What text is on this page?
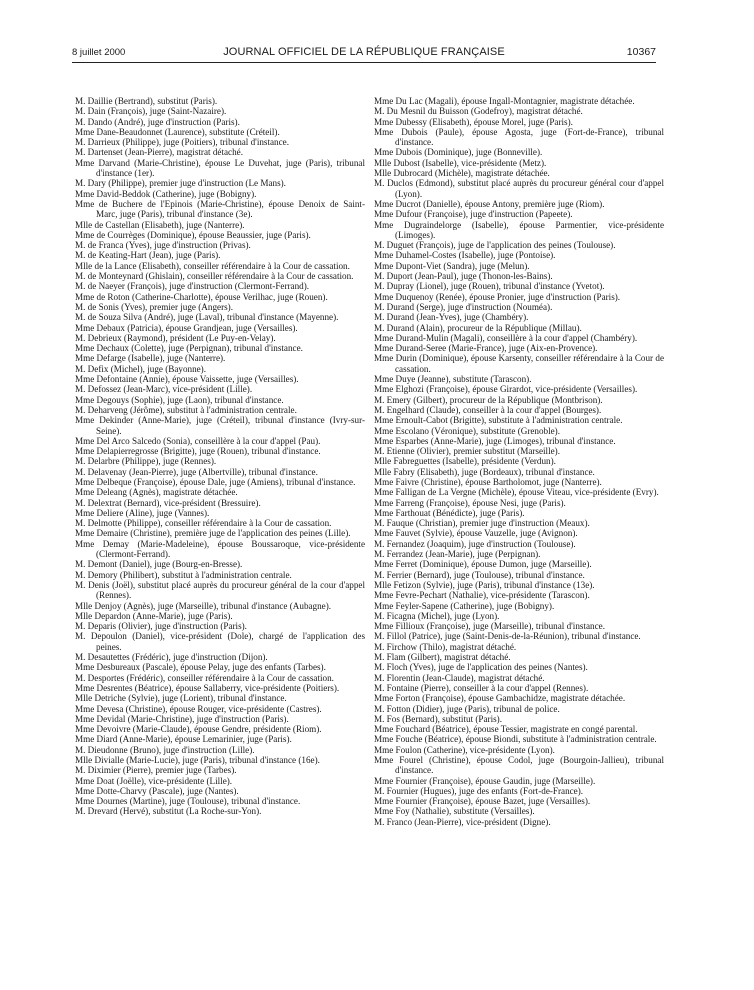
8 juillet 2000	JOURNAL OFFICIEL DE LA RÉPUBLIQUE FRANÇAISE	10367

M. Daillie (Bertrand), substitut (Paris).

M. Dain (François), juge (Saint-Nazaire).

M. Dando (André), juge d'instruction (Paris).

Mme Dane-Beaudonnet (Laurence), substitute (Créteil).

M. Darrieux (Philippe), juge (Poitiers), tribunal d'instance.

M. Dartenset (Jean-Pierre), magistrat détaché.

Mme Darvand (Marie-Christine), épouse Le Duvehat, juge (Paris), tribunal d'instance (1er).

M. Dary (Philippe), premier juge d'instruction (Le Mans).

Mme David-Beddok (Catherine), juge (Bobigny).

Mme de Buchere de l'Epinois (Marie-Christine), épouse Denoix de Saint-Marc, juge (Paris), tribunal d'instance (3e).

Mlle de Castellan (Elisabeth), juge (Nanterre).

Mme de Courrèges (Dominique), épouse Beaussier, juge (Paris).

M. de Franca (Yves), juge d'instruction (Privas).

M. de Keating-Hart (Jean), juge (Paris).

Mlle de la Lance (Elisabeth), conseiller référendaire à la Cour de cassation.

M. de Monteynard (Ghislain), conseiller référendaire à la Cour de cassation.

M. de Naeyer (François), juge d'instruction (Clermont-Ferrand).

Mme de Roton (Catherine-Charlotte), épouse Verilhac, juge (Rouen).

M. de Sonis (Yves), premier juge (Angers).

M. de Souza Silva (André), juge (Laval), tribunal d'instance (Mayenne).

Mme Debaux (Patricia), épouse Grandjean, juge (Versailles).

M. Debrieux (Raymond), président (Le Puy-en-Velay).

Mme Dechaux (Colette), juge (Perpignan), tribunal d'instance.

Mme Defarge (Isabelle), juge (Nanterre).

M. Defix (Michel), juge (Bayonne).

Mme Defontaine (Annie), épouse Vaissette, juge (Versailles).

M. Defossez (Jean-Marc), vice-président (Lille).

Mme Degouys (Sophie), juge (Laon), tribunal d'instance.

M. Deharveng (Jérôme), substitut à l'administration centrale.

Mme Dekinder (Anne-Marie), juge (Créteil), tribunal d'instance (Ivry-sur-Seine).

Mme Del Arco Salcedo (Sonia), conseillère à la cour d'appel (Pau).

Mme Delapierregrosse (Brigitte), juge (Rouen), tribunal d'instance.

M. Delarbre (Philippe), juge (Rennes).

M. Delavenay (Jean-Pierre), juge (Albertville), tribunal d'instance.

Mme Delbeque (Françoise), épouse Dale, juge (Amiens), tribunal d'instance.

Mme Deleang (Agnès), magistrate détachée.

M. Delextrat (Bernard), vice-président (Bressuire).

Mme Deliere (Aline), juge (Vannes).

M. Delmotte (Philippe), conseiller référendaire à la Cour de cassation.

Mme Demaire (Christine), première juge de l'application des peines (Lille).

Mme Demay (Marie-Madeleine), épouse Boussaroque, vice-présidente (Clermont-Ferrand).

M. Demont (Daniel), juge (Bourg-en-Bresse).

M. Demory (Philibert), substitut à l'administration centrale.

M. Denis (Joël), substitut placé auprès du procureur général de la cour d'appel (Rennes).

Mlle Denjoy (Agnès), juge (Marseille), tribunal d'instance (Aubagne).

Mlle Depardon (Anne-Marie), juge (Paris).

M. Deparis (Olivier), juge d'instruction (Paris).

M. Depoulon (Daniel), vice-président (Dole), chargé de l'application des peines.

M. Desautettes (Frédéric), juge d'instruction (Dijon).

Mme Desbureaux (Pascale), épouse Pelay, juge des enfants (Tarbes).

M. Desportes (Frédéric), conseiller référendaire à la Cour de cassation.

Mme Desrentes (Béatrice), épouse Sallaberry, vice-présidente (Poitiers).

Mlle Detriche (Sylvie), juge (Lorient), tribunal d'instance.

Mme Devesa (Christine), épouse Rouger, vice-présidente (Castres).

Mme Devidal (Marie-Christine), juge d'instruction (Paris).

Mme Devoivre (Marie-Claude), épouse Gendre, présidente (Riom).

Mme Diard (Anne-Marie), épouse Lemarinier, juge (Paris).

M. Dieudonne (Bruno), juge d'instruction (Lille).

Mlle Divialle (Marie-Lucie), juge (Paris), tribunal d'instance (16e).

M. Diximier (Pierre), premier juge (Tarbes).

Mme Doat (Joëlle), vice-présidente (Lille).

Mme Dotte-Charvy (Pascale), juge (Nantes).

Mme Dournes (Martine), juge (Toulouse), tribunal d'instance.

M. Drevard (Hervé), substitut (La Roche-sur-Yon).

Mme Du Lac (Magali), épouse Ingall-Montagnier, magistrate détachée.

M. Du Mesnil du Buisson (Godefroy), magistrat détaché.

Mme Dubessy (Elisabeth), épouse Morel, juge (Paris).

Mme Dubois (Paule), épouse Agosta, juge (Fort-de-France), tribunal d'instance.

Mme Dubois (Dominique), juge (Bonneville).

Mlle Dubost (Isabelle), vice-présidente (Metz).

Mlle Dubrocard (Michèle), magistrate détachée.

M. Duclos (Edmond), substitut placé auprès du procureur général cour d'appel (Lyon).

Mme Ducrot (Danielle), épouse Antony, première juge (Riom).

Mme Dufour (Françoise), juge d'instruction (Papeete).

Mme Dugraindelorge (Isabelle), épouse Parmentier, vice-présidente (Limoges).

M. Duguet (François), juge de l'application des peines (Toulouse).

Mme Duhamel-Costes (Isabelle), juge (Pontoise).

Mme Dupont-Viet (Sandra), juge (Melun).

M. Duport (Jean-Paul), juge (Thonon-les-Bains).

M. Dupray (Lionel), juge (Rouen), tribunal d'instance (Yvetot).

Mme Duquenoy (Renée), épouse Pronier, juge d'instruction (Paris).

M. Durand (Serge), juge d'instruction (Nouméa).

M. Durand (Jean-Yves), juge (Chambéry).

M. Durand (Alain), procureur de la République (Millau).

Mme Durand-Mulin (Magali), conseillère à la cour d'appel (Chambéry).

Mme Durand-Seree (Marie-France), juge (Aix-en-Provence).

Mme Durin (Dominique), épouse Karsenty, conseiller référendaire à la Cour de cassation.

Mme Duye (Jeanne), substitute (Tarascon).

Mme Elghozi (Françoise), épouse Girardot, vice-présidente (Versailles).

M. Emery (Gilbert), procureur de la République (Montbrison).

M. Engelhard (Claude), conseiller à la cour d'appel (Bourges).

Mme Ernoult-Cabot (Brigitte), substitute à l'administration centrale.

Mme Escolano (Véronique), substitute (Grenoble).

Mme Esparbes (Anne-Marie), juge (Limoges), tribunal d'instance.

M. Etienne (Olivier), premier substitut (Marseille).

Mlle Fabreguettes (Isabelle), présidente (Verdun).

Mlle Fabry (Elisabeth), juge (Bordeaux), tribunal d'instance.

Mme Faivre (Christine), épouse Bartholomot, juge (Nanterre).

Mme Falligan de La Vergne (Michèle), épouse Viteau, vice-présidente (Evry).

Mme Farreng (Françoise), épouse Nesi, juge (Paris).

Mme Farthouat (Bénédicte), juge (Paris).

M. Fauque (Christian), premier juge d'instruction (Meaux).

Mme Fauvet (Sylvie), épouse Vauzelle, juge (Avignon).

M. Fernandez (Joaquim), juge d'instruction (Toulouse).

M. Ferrandez (Jean-Marie), juge (Perpignan).

Mme Ferret (Dominique), épouse Dumon, juge (Marseille).

M. Ferrier (Bernard), juge (Toulouse), tribunal d'instance.

Mlle Fetizon (Sylvie), juge (Paris), tribunal d'instance (13e).

Mme Fevre-Pechart (Nathalie), vice-présidente (Tarascon).

Mme Feyler-Sapene (Catherine), juge (Bobigny).

M. Ficagna (Michel), juge (Lyon).

Mme Fillioux (Françoise), juge (Marseille), tribunal d'instance.

M. Fillol (Patrice), juge (Saint-Denis-de-la-Réunion), tribunal d'instance.

M. Firchow (Thilo), magistrat détaché.

M. Flam (Gilbert), magistrat détaché.

M. Floch (Yves), juge de l'application des peines (Nantes).

M. Florentin (Jean-Claude), magistrat détaché.

M. Fontaine (Pierre), conseiller à la cour d'appel (Rennes).

Mme Forton (Françoise), épouse Gambachidze, magistrate détachée.

M. Fotton (Didier), juge (Paris), tribunal de police.

M. Fos (Bernard), substitut (Paris).

Mme Fouchard (Béatrice), épouse Tessier, magistrate en congé parental.

Mme Fouche (Béatrice), épouse Biondi, substitute à l'administration centrale.

Mme Foulon (Catherine), vice-présidente (Lyon).

Mme Fourel (Christine), épouse Codol, juge (Bourgoin-Jallieu), tribunal d'instance.

Mme Fournier (Françoise), épouse Gaudin, juge (Marseille).

M. Fournier (Hugues), juge des enfants (Fort-de-France).

Mme Fournier (Françoise), épouse Bazet, juge (Versailles).

Mme Foy (Nathalie), substitute (Versailles).

M. Franco (Jean-Pierre), vice-président (Digne).
